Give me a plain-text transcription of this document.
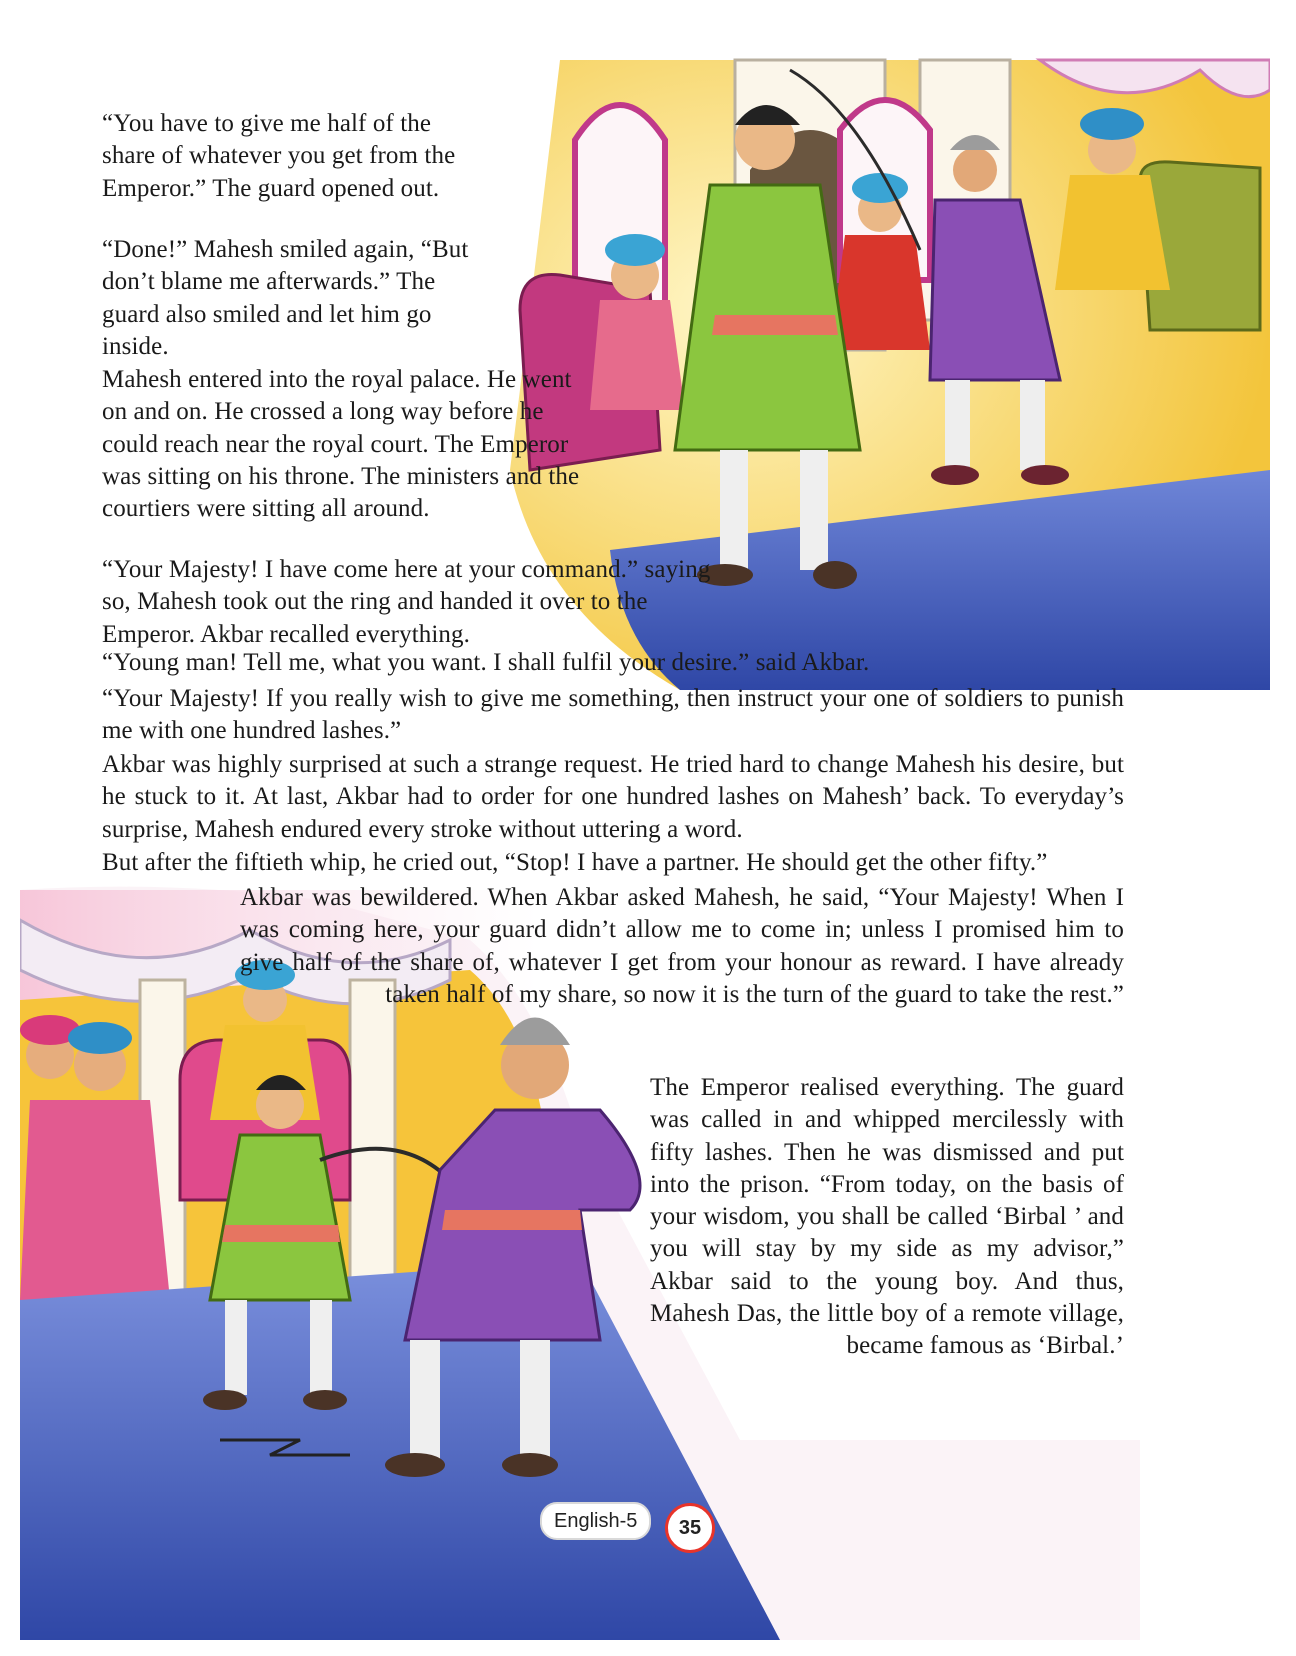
“You have to give me half of the share of whatever you get from the Emperor.” The guard opened out.

“Done!” Mahesh smiled again, “But don’t blame me afterwards.” The guard also smiled and let him go inside.

Mahesh entered into the royal palace. He went on and on. He crossed a long way before he could reach near the royal court. The Emperor was sitting on his throne. The ministers and the courtiers were sitting all around.

“Your Majesty! I have come here at your command.” saying so, Mahesh took out the ring and handed it over to the Emperor. Akbar recalled everything.

“Young man! Tell me, what you want. I shall fulfil your desire.” said Akbar.

“Your Majesty! If you really wish to give me something, then instruct your one of soldiers to punish me with one hundred lashes.”

Akbar was highly surprised at such a strange request. He tried hard to change Mahesh his desire, but he stuck to it. At last, Akbar had to order for one hundred lashes on Mahesh’ back. To everyday’s surprise, Mahesh endured every stroke without uttering a word.

But after the fiftieth whip, he cried out, “Stop! I have a partner. He should get the other fifty.”

Akbar was bewildered. When Akbar asked Mahesh, he said, “Your Majesty! When I was coming here, your guard didn’t allow me to come in; unless I promised him to give half of the share of, whatever I get from your honour as reward. I have already taken half of my share, so now it is the turn of the guard to take the rest.”

The Emperor realised everything. The guard was called in and whipped mercilessly with fifty lashes. Then he was dismissed and put into the prison. “From today, on the basis of your wisdom, you shall be called ‘Birbal ’ and you will stay by my side as my advisor,” Akbar said to the young boy. And thus, Mahesh Das, the little boy of a remote village, became famous as ‘Birbal.’

English-5	35
